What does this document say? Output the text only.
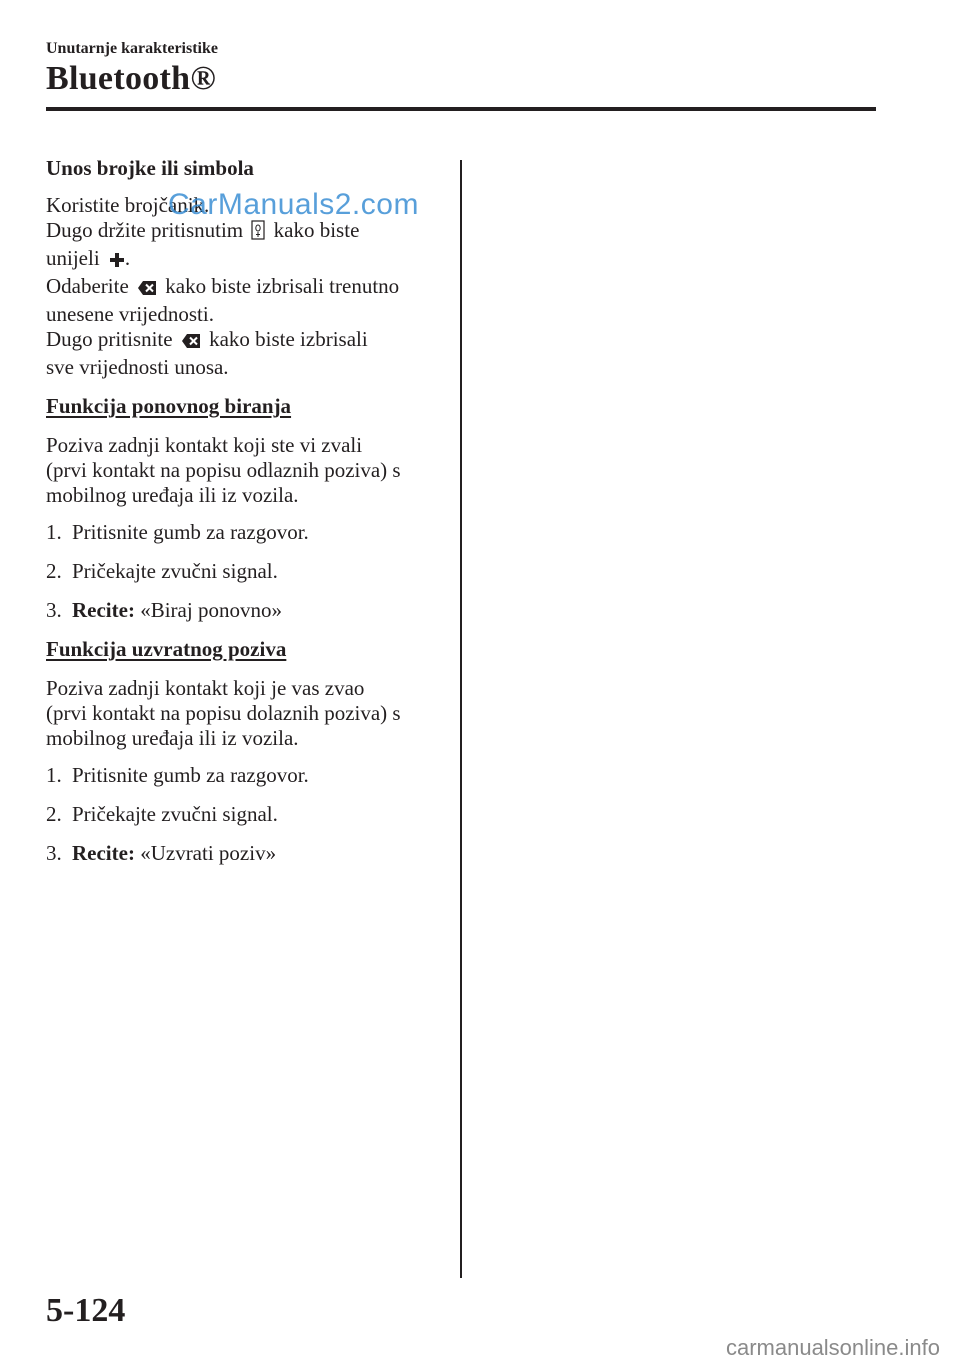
Unutarnje karakteristike
Bluetooth®
Unos brojke ili simbola
Koristite brojčanik.
Dugo držite pritisnutim kako biste
unijeli .
Odaberite kako biste izbrisali trenutno
unesene vrijednosti.
Dugo pritisnite kako biste izbrisali
sve vrijednosti unosa.
Funkcija ponovnog biranja
Poziva zadnji kontakt koji ste vi zvali
(prvi kontakt na popisu odlaznih poziva) s
mobilnog uređaja ili iz vozila.
1. Pritisnite gumb za razgovor.
2. Pričekajte zvučni signal.
3. Recite: «Biraj ponovno»
Funkcija uzvratnog poziva
Poziva zadnji kontakt koji je vas zvao
(prvi kontakt na popisu dolaznih poziva) s
mobilnog uređaja ili iz vozila.
1. Pritisnite gumb za razgovor.
2. Pričekajte zvučni signal.
3. Recite: «Uzvrati poziv»
CarManuals2.com
5-124
carmanualsonline.info
